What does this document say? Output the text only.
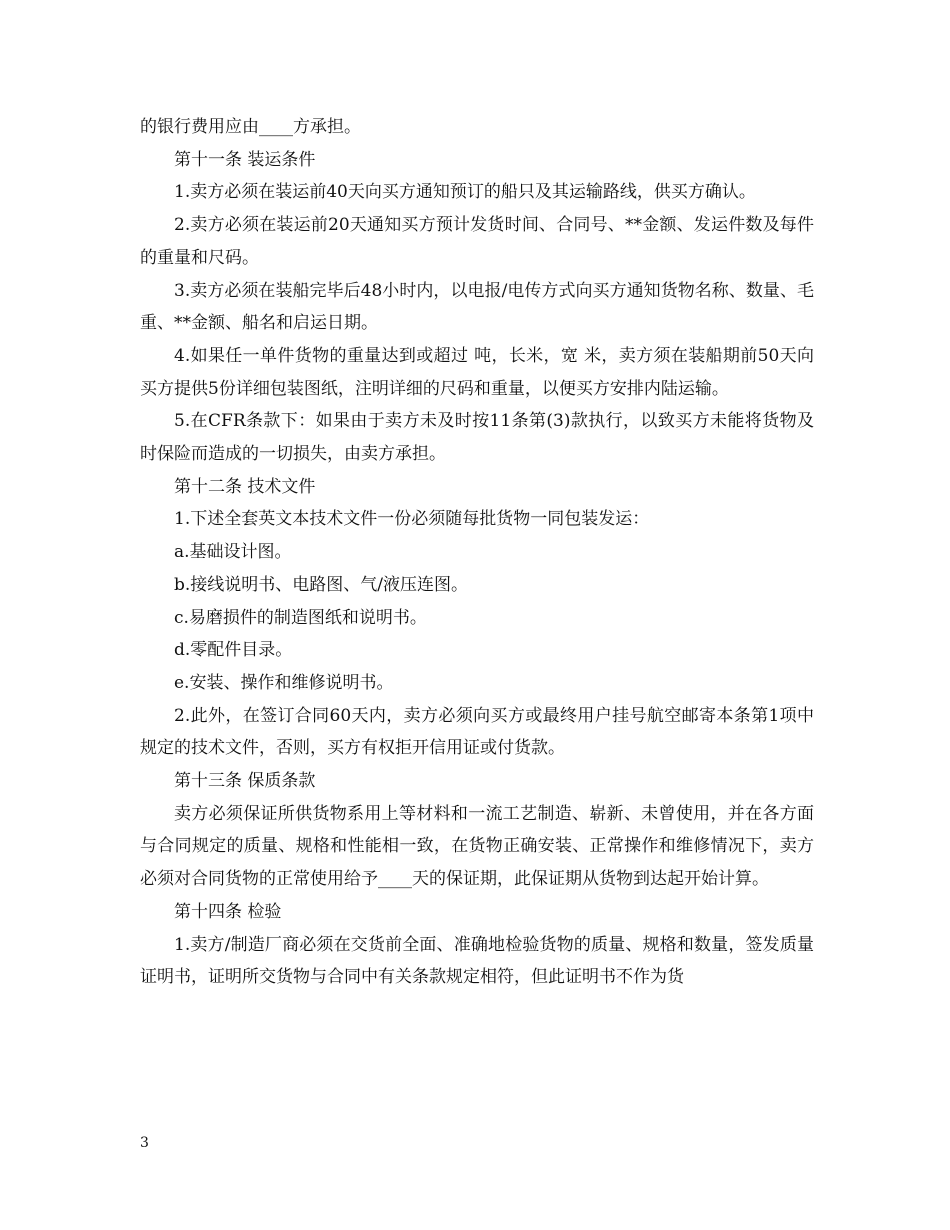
的银行费用应由____方承担。

第十一条 装运条件

1.卖方必须在装运前40天向买方通知预订的船只及其运输路线，供买方确认。

2.卖方必须在装运前20天通知买方预计发货时间、合同号、**金额、发运件数及每件的重量和尺码。

3.卖方必须在装船完毕后48小时内，以电报/电传方式向买方通知货物名称、数量、毛重、**金额、船名和启运日期。

4.如果任一单件货物的重量达到或超过 吨，长米，宽 米，卖方须在装船期前50天向买方提供5份详细包装图纸，注明详细的尺码和重量，以便买方安排内陆运输。

5.在CFR条款下：如果由于卖方未及时按11条第(3)款执行，以致买方未能将货物及时保险而造成的一切损失，由卖方承担。

第十二条 技术文件

1.下述全套英文本技术文件一份必须随每批货物一同包装发运：

a.基础设计图。

b.接线说明书、电路图、气/液压连图。

c.易磨损件的制造图纸和说明书。

d.零配件目录。

e.安装、操作和维修说明书。

2.此外，在签订合同60天内，卖方必须向买方或最终用户挂号航空邮寄本条第1项中规定的技术文件，否则，买方有权拒开信用证或付货款。

第十三条 保质条款

卖方必须保证所供货物系用上等材料和一流工艺制造、崭新、未曾使用，并在各方面与合同规定的质量、规格和性能相一致，在货物正确安装、正常操作和维修情况下，卖方必须对合同货物的正常使用给予____天的保证期，此保证期从货物到达起开始计算。

第十四条 检验

1.卖方/制造厂商必须在交货前全面、准确地检验货物的质量、规格和数量，签发质量证明书，证明所交货物与合同中有关条款规定相符，但此证明书不作为货

3
